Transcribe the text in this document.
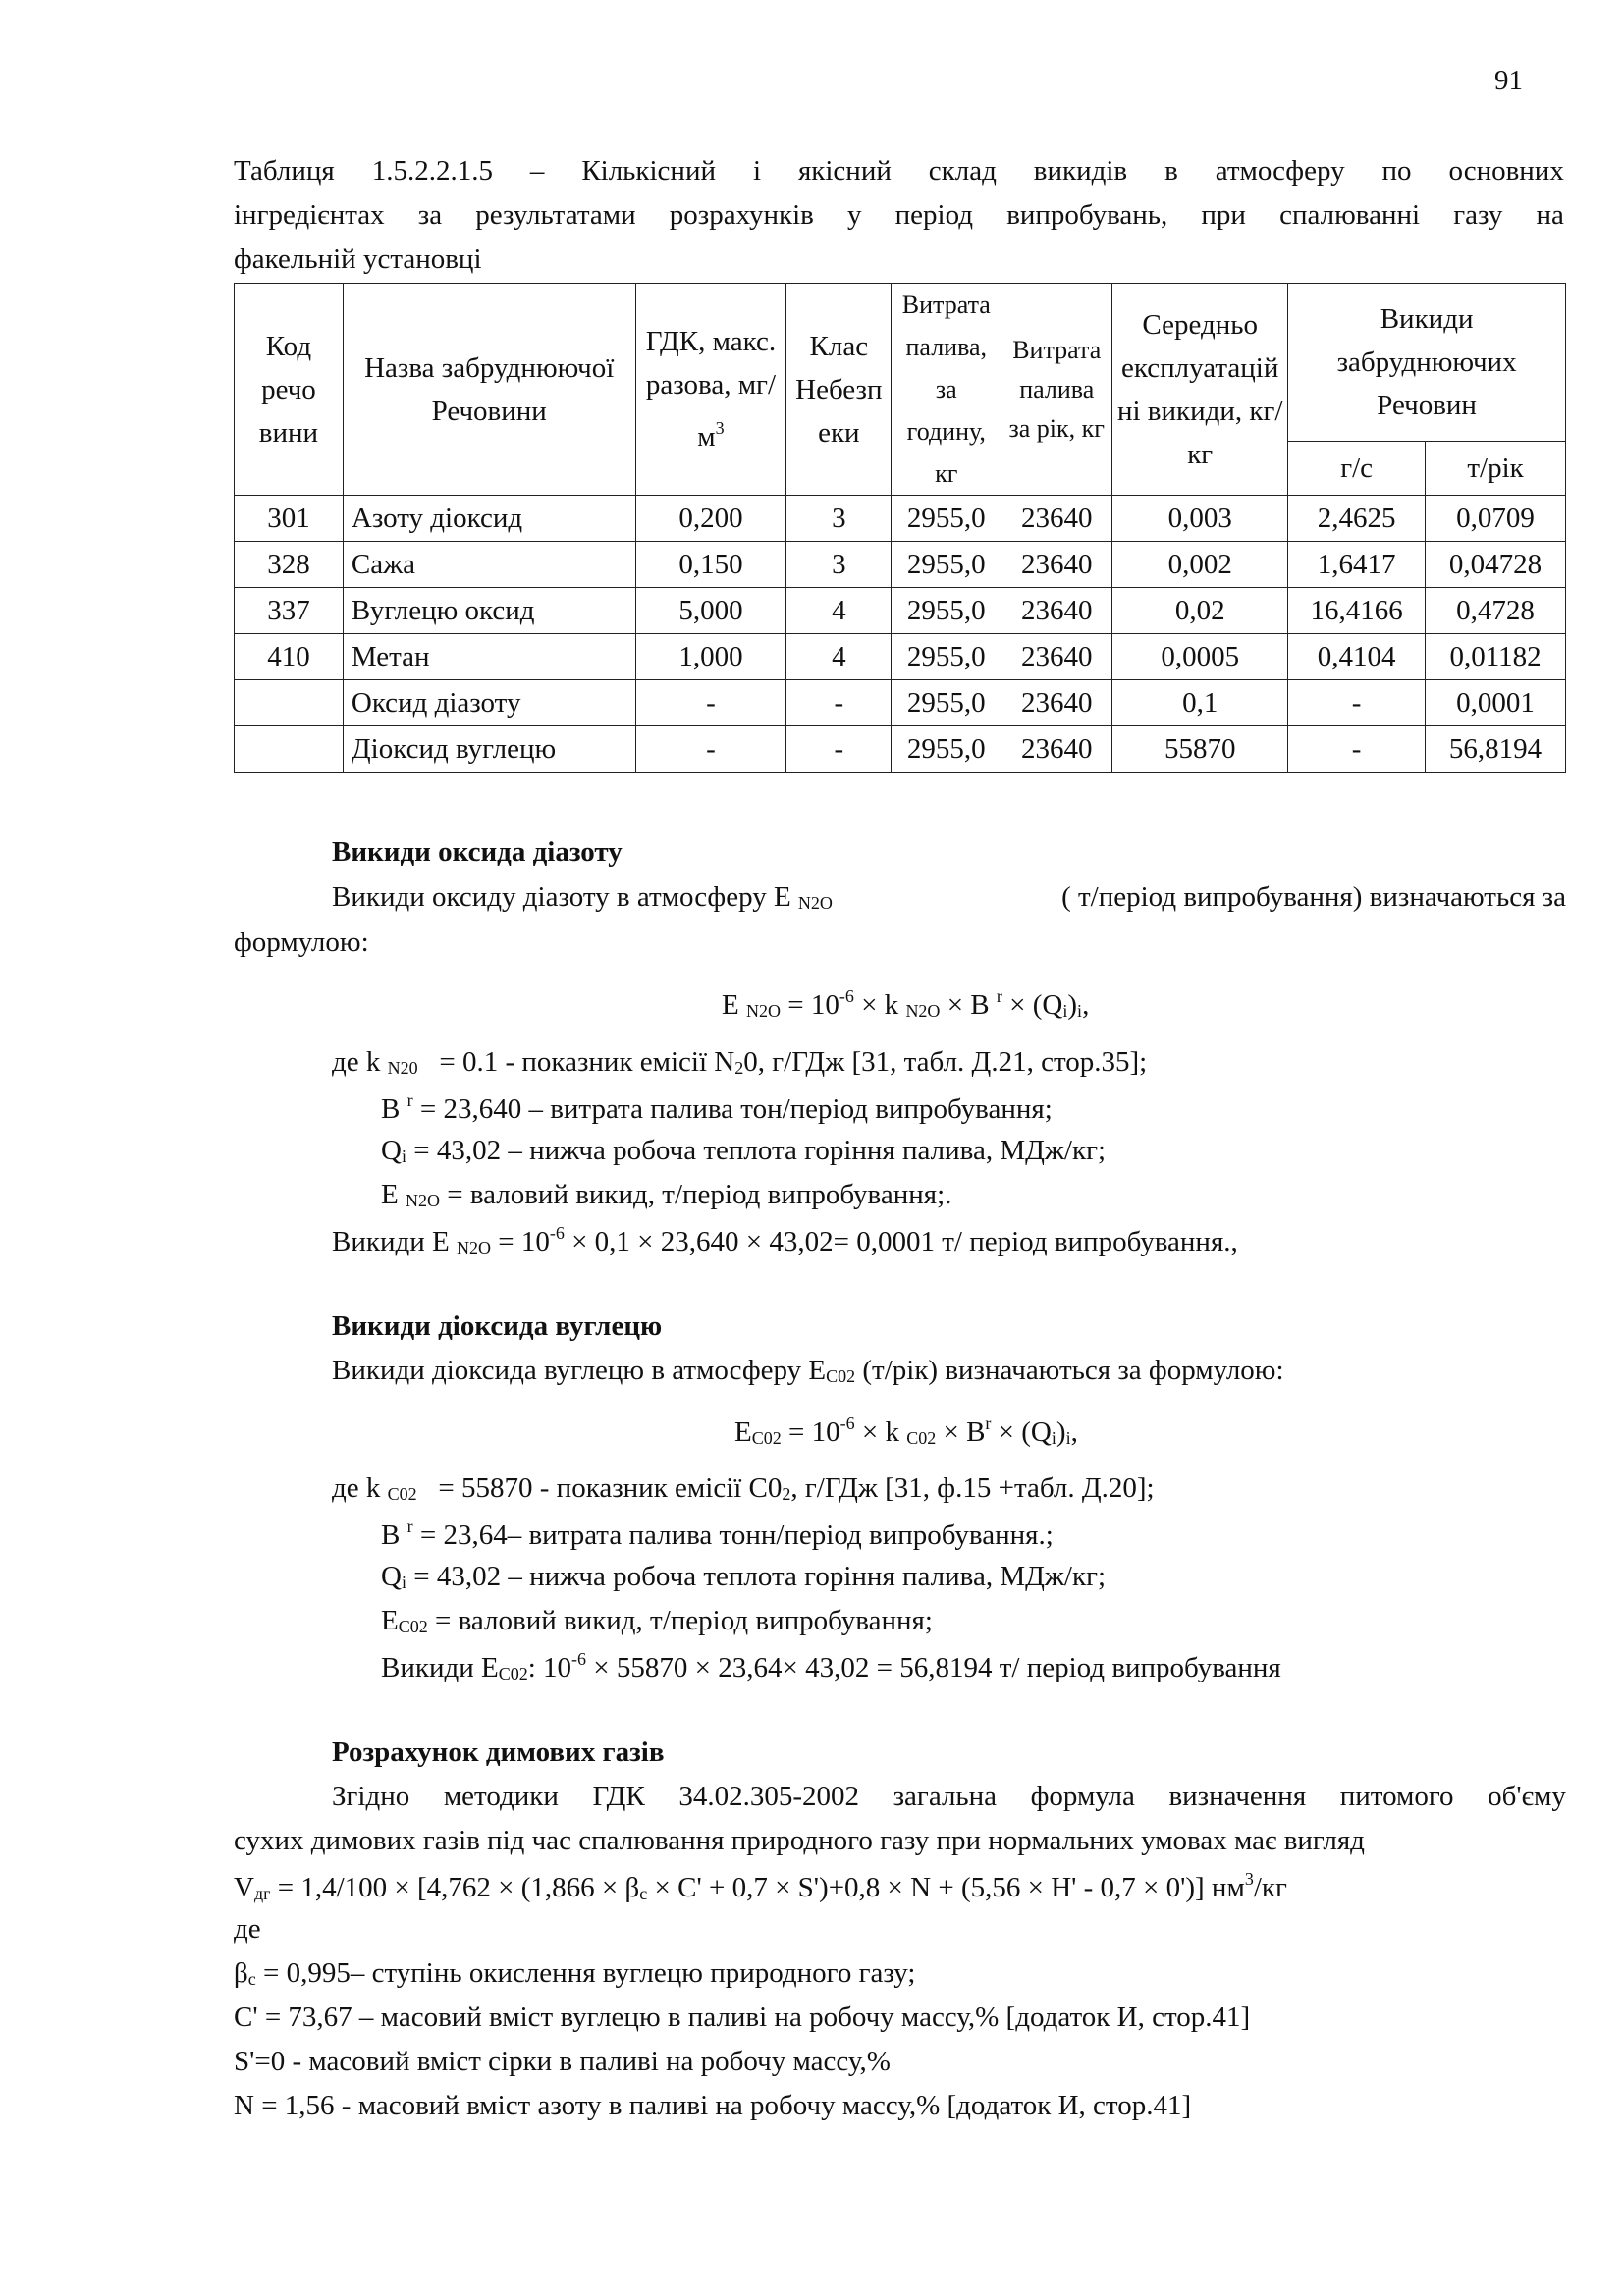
91
Таблиця 1.5.2.2.1.5 – Кількісний і якісний склад викидів в атмосферу по основних
інгредієнтах за результатами розрахунків у період випробувань, при спалюванні газу на
факельній установці
Код речо вини	Назва забруднюючої Речовини	ГДК, макс. разова, $мг/м^3$	Клас Небезп еки	Витрата палива, за годину, кг	Витрата палива за рік, кг	Середньо експлуатацій ні викиди, кг/кг	Викиди забруднюючих Речовин	
							г/с	т/рік
301	Азоту діоксид	0,200	3	2955,0	23640	0,003	2,4625	0,0709
328	Сажа	0,150	3	2955,0	23640	0,002	1,6417	0,04728
337	Вуглецю оксид	5,000	4	2955,0	23640	0,02	16,4166	0,4728
410	Метан	1,000	4	2955,0	23640	0,0005	0,4104	0,01182
	Оксид діазоту	-	-	2955,0	23640	0,1	-	0,0001
	Діоксид вуглецю	-	-	2955,0	23640	55870	-	56,8194
Викиди оксида діазоту
Викиди оксиду діазоту в атмосферу E $_{N2O}$	( т/період випробування) визначаються за
формулою:
E $_{N2O} = 10^{-6} \times k$ $_{N2O}$ × B $^r \times (Q_i)_i$,
де k $_{N20}$ = 0.1 - показник емісії $N_20$, г/ГДж [31, табл. Д.21, стор.35];
B $^r$ = 23,640 – витрата палива тон/період випробування;
$Q_i = 43,02$ – нижча робоча теплота горіння палива, МДж/кг;
E $_{N2O}$ = валовий викид, т/період випробування;.
Викиди E $_{N2O} = 10^{-6} \times 0,1 \times 23,640 \times 43,02= 0,0001$ т/ період випробування.,
Викиди діоксида вуглецю
Викиди діоксида вуглецю в атмосферу $E_{C02}$ (т/рік) визначаються за формулою:
$E_{C02} = 10^{-6} \times k$ $_{C02} \times B^r \times (Q_i)_i$,
де k $_{C02}$ = 55870 - показник емісії $C0_2$, г/ГДж [31, ф.15 +табл. Д.20];
B $^r$ = 23,64– витрата палива тонн/період випробування.;
$Q_i = 43,02$ – нижча робоча теплота горіння палива, МДж/кг;
$E_{C02}$ = валовий викид, т/період випробування;
Викиди $E_{C02}$: $10^{-6} \times 55870 \times 23,64\times 43,02 = 56,8194$ т/ період випробування
Розрахунок димових газів
Згідно методики ГДК 34.02.305-2002 загальна формула визначення питомого об'єму
сухих димових газів під час спалювання природного газу при нормальних умовах має вигляд
$V_{дг} = 1,4/100 \times [4,762 \times (1,866 \times \beta_c \times C' + 0,7 \times S')+0,8 \times N + (5,56 \times H' - 0,7 \times 0')]$ $нм^3/кг$
де
$\beta_c = 0,995-$ ступінь окислення вуглецю природного газу;
C' = 73,67 – масовий вміст вуглецю в паливі на робочу массу,% [додаток И, стор.41]
S'=0 - масовий вміст сірки в паливі на робочу массу,%
N = 1,56 - масовий вміст азоту в паливі на робочу массу,% [додаток И, стор.41]
